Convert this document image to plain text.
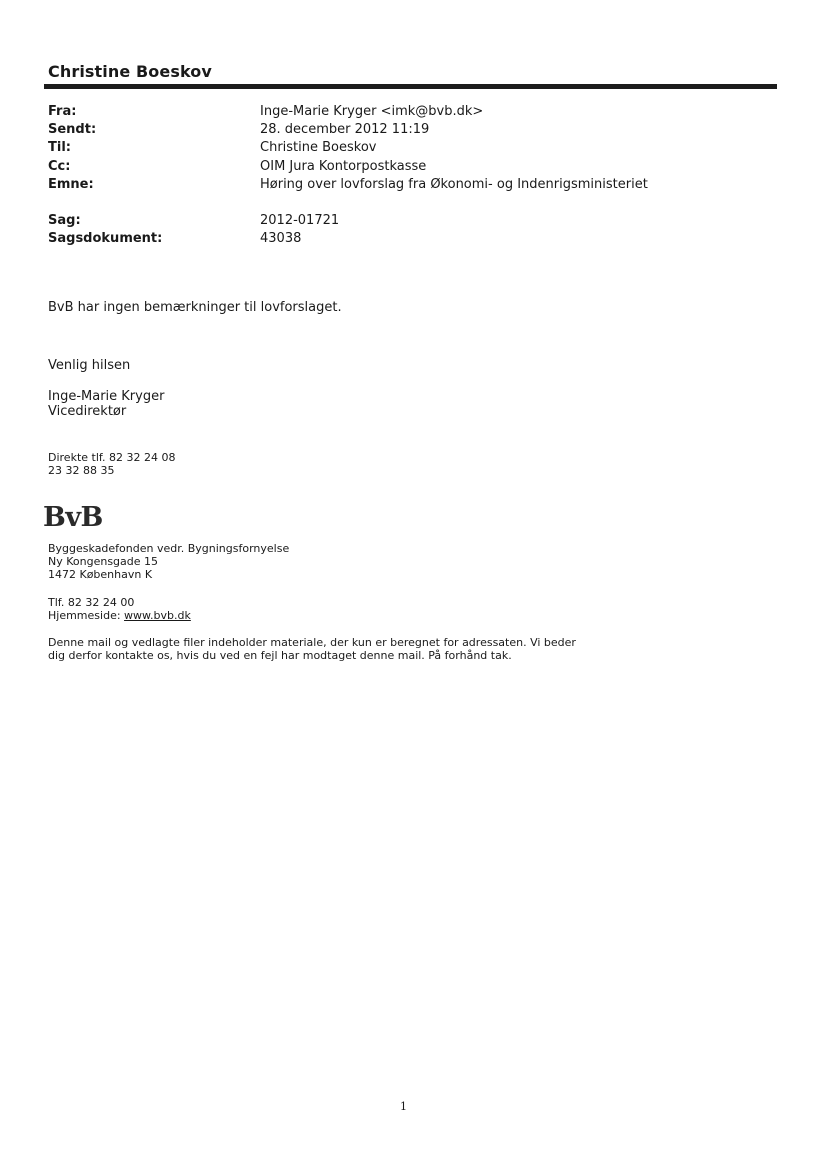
Christine Boeskov
Fra:	Inge-Marie Kryger <imk@bvb.dk>
Sendt:	28. december 2012 11:19
Til:	Christine Boeskov
Cc:	OIM Jura Kontorpostkasse
Emne:	Høring over lovforslag fra Økonomi- og Indenrigsministeriet
Sag:	2012-01721
Sagsdokument:	43038
BvB har ingen bemærkninger til lovforslaget.
Venlig hilsen
Inge-Marie Kryger
Vicedirektør
Direkte tlf. 82 32 24 08
23 32 88 35
BvB
Byggeskadefonden vedr. Bygningsfornyelse
Ny Kongensgade 15
1472 København K
Tlf. 82 32 24 00
Hjemmeside: www.bvb.dk
Denne mail og vedlagte filer indeholder materiale, der kun er beregnet for adressaten. Vi beder
dig derfor kontakte os, hvis du ved en fejl har modtaget denne mail. På forhånd tak.
1
